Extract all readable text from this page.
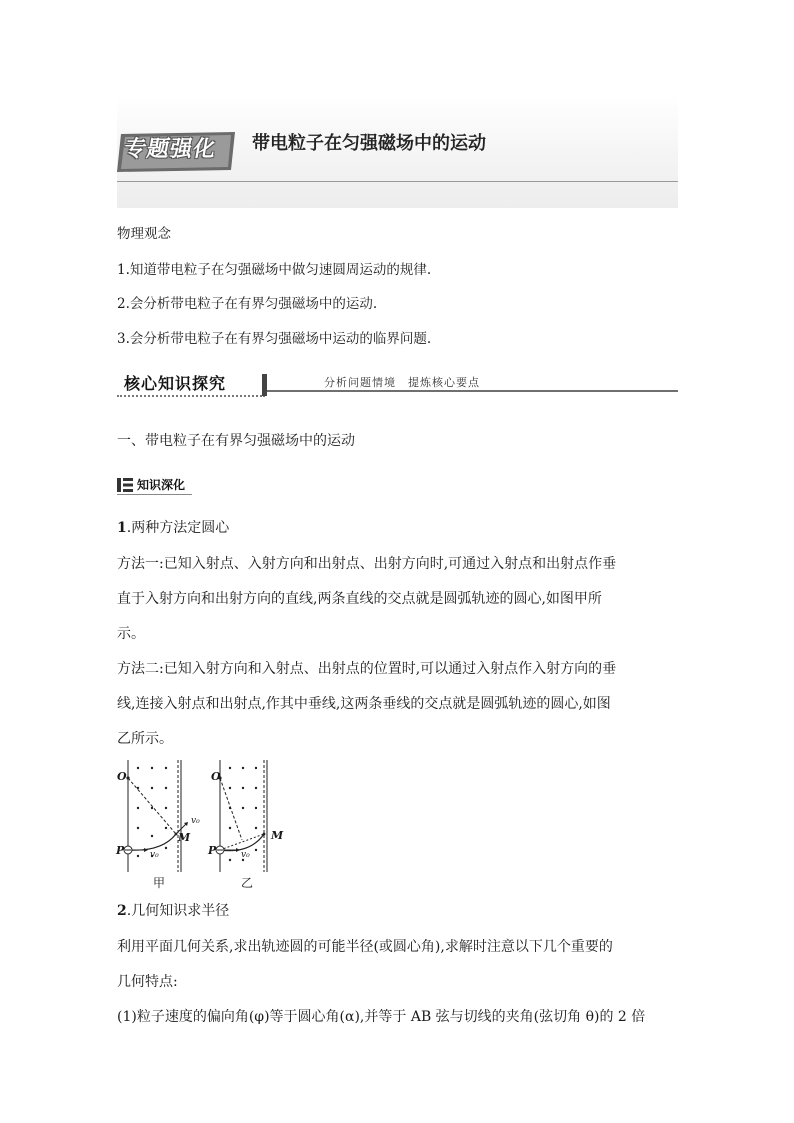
专题强化	带电粒子在匀强磁场中的运动
物理观念
1.知道带电粒子在匀强磁场中做匀速圆周运动的规律.
2.会分析带电粒子在有界匀强磁场中的运动.
3.会分析带电粒子在有界匀强磁场中运动的临界问题.
核心知识探究	分析问题情境　提炼核心要点
一、带电粒子在有界匀强磁场中的运动
知识深化
1.两种方法定圆心
方法一:已知入射点、入射方向和出射点、出射方向时,可通过入射点和出射点作垂
直于入射方向和出射方向的直线,两条直线的交点就是圆弧轨迹的圆心,如图甲所
示。
方法二:已知入射方向和入射点、出射点的位置时,可以通过入射点作入射方向的垂
线,连接入射点和出射点,作其中垂线,这两条垂线的交点就是圆弧轨迹的圆心,如图
乙所示。
O
P
M
v₀
v₀
甲
O
P
M
v₀
乙
2.几何知识求半径
利用平面几何关系,求出轨迹圆的可能半径(或圆心角),求解时注意以下几个重要的
几何特点:
(1)粒子速度的偏向角(φ)等于圆心角(α),并等于 AB 弦与切线的夹角(弦切角 θ)的 2 倍
